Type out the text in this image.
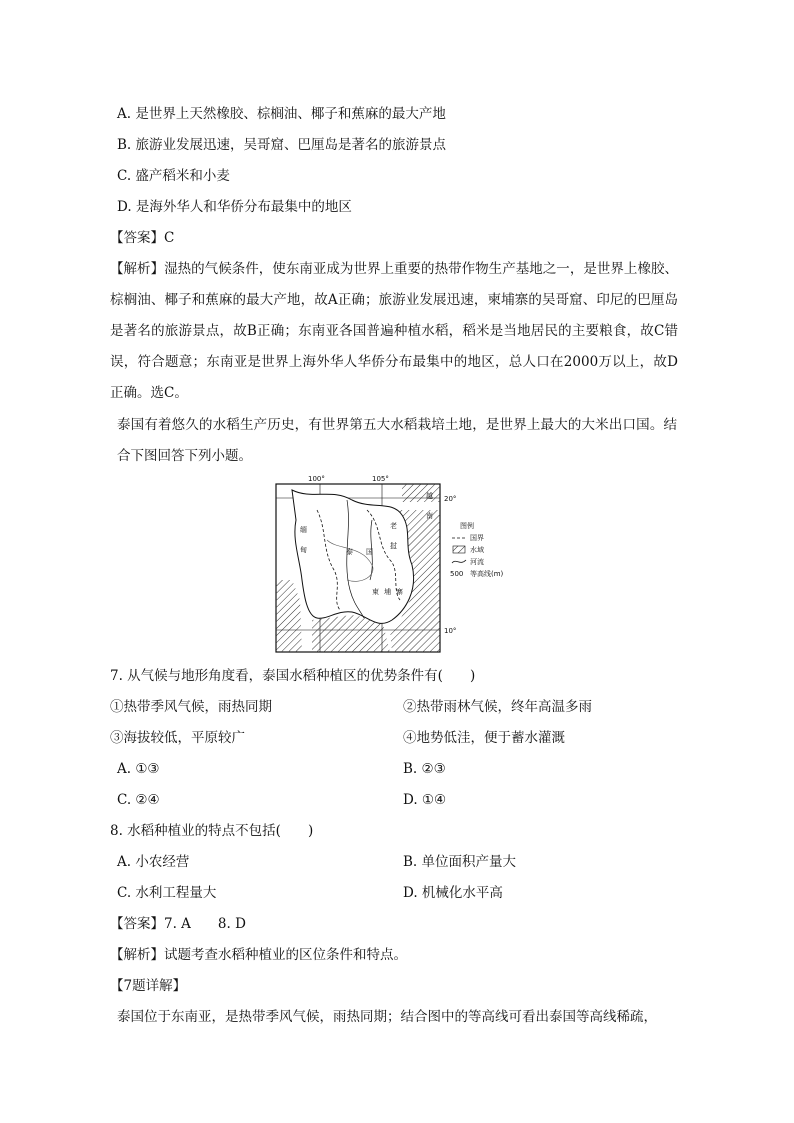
A. 是世界上天然橡胶、棕榈油、椰子和蕉麻的最大产地
B. 旅游业发展迅速，吴哥窟、巴厘岛是著名的旅游景点
C. 盛产稻米和小麦
D. 是海外华人和华侨分布最集中的地区
【答案】C
【解析】湿热的气候条件，使东南亚成为世界上重要的热带作物生产基地之一，是世界上橡胶、棕榈油、椰子和蕉麻的最大产地，故A正确；旅游业发展迅速，柬埔寨的吴哥窟、印尼的巴厘岛是著名的旅游景点，故B正确；东南亚各国普遍种植水稻，稻米是当地居民的主要粮食，故C错误，符合题意；东南亚是世界上海外华人华侨分布最集中的地区，总人口在2000万以上，故D正确。选C。
泰国有着悠久的水稻生产历史，有世界第五大水稻栽培土地，是世界上最大的大米出口国。结合下图回答下列小题。
缅
甸	泰 国
老
挝
柬 埔 寨
越
南
100°	105°
20°
10°
图例
国界
水域
河流
500 等高线(m)
7. 从气候与地形角度看，泰国水稻种植区的优势条件有(　　)
①热带季风气候，雨热同期	②热带雨林气候，终年高温多雨
③海拔较低，平原较广	④地势低洼，便于蓄水灌溉
A. ①③	B. ②③
C. ②④	D. ①④
8. 水稻种植业的特点不包括(　　)
A. 小农经营	B. 单位面积产量大
C. 水利工程量大	D. 机械化水平高
【答案】7. A　　8. D
【解析】试题考查水稻种植业的区位条件和特点。
【7题详解】
泰国位于东南亚，是热带季风气候，雨热同期；结合图中的等高线可看出泰国等高线稀疏，
